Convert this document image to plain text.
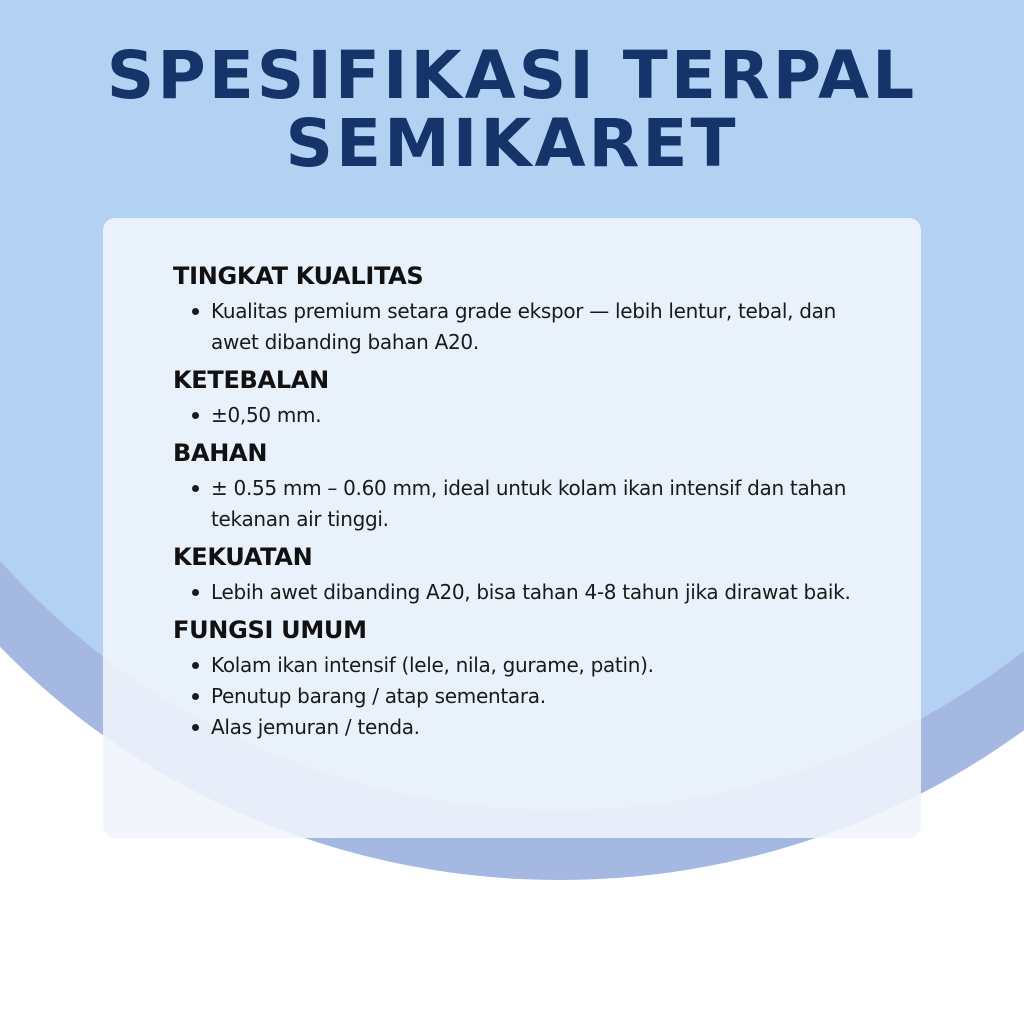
SPESIFIKASI TERPAL
SEMIKARET
TINGKAT KUALITAS
Kualitas premium setara grade ekspor — lebih lentur, tebal, dan awet dibanding bahan A20.
KETEBALAN
±0,50 mm.
BAHAN
± 0.55 mm – 0.60 mm, ideal untuk kolam ikan intensif dan tahan tekanan air tinggi.
KEKUATAN
Lebih awet dibanding A20, bisa tahan 4-8 tahun jika dirawat baik.
FUNGSI UMUM
Kolam ikan intensif (lele, nila, gurame, patin).
Penutup barang / atap sementara.
Alas jemuran / tenda.
